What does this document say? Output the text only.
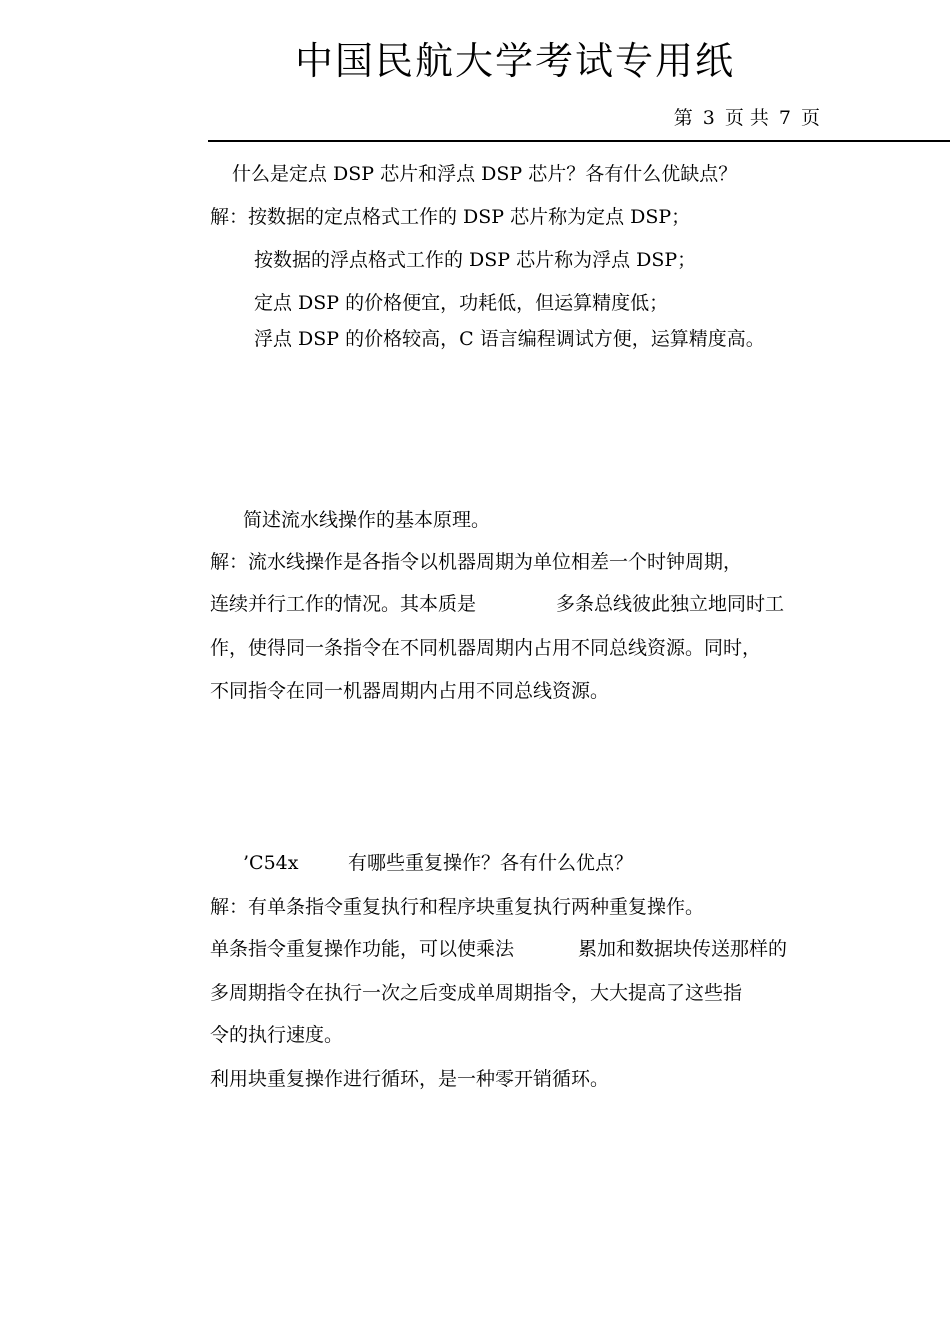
中国民航大学考试专用纸
第 3 页 共 7 页
什么是定点 DSP 芯片和浮点 DSP 芯片？各有什么优缺点？
解：按数据的定点格式工作的 DSP 芯片称为定点 DSP；
按数据的浮点格式工作的 DSP 芯片称为浮点 DSP；
定点 DSP 的价格便宜，功耗低，但运算精度低；
浮点 DSP 的价格较高，C 语言编程调试方便，运算精度高。
简述流水线操作的基本原理。
解：流水线操作是各指令以机器周期为单位相差一个时钟周期，
连续并行工作的情况。其本质是	多条总线彼此独立地同时工
作，使得同一条指令在不同机器周期内占用不同总线资源。同时，
不同指令在同一机器周期内占用不同总线资源。
’C54x	有哪些重复操作？各有什么优点？
解：有单条指令重复执行和程序块重复执行两种重复操作。
单条指令重复操作功能，可以使乘法	累加和数据块传送那样的
多周期指令在执行一次之后变成单周期指令，大大提高了这些指
令的执行速度。
利用块重复操作进行循环，是一种零开销循环。
